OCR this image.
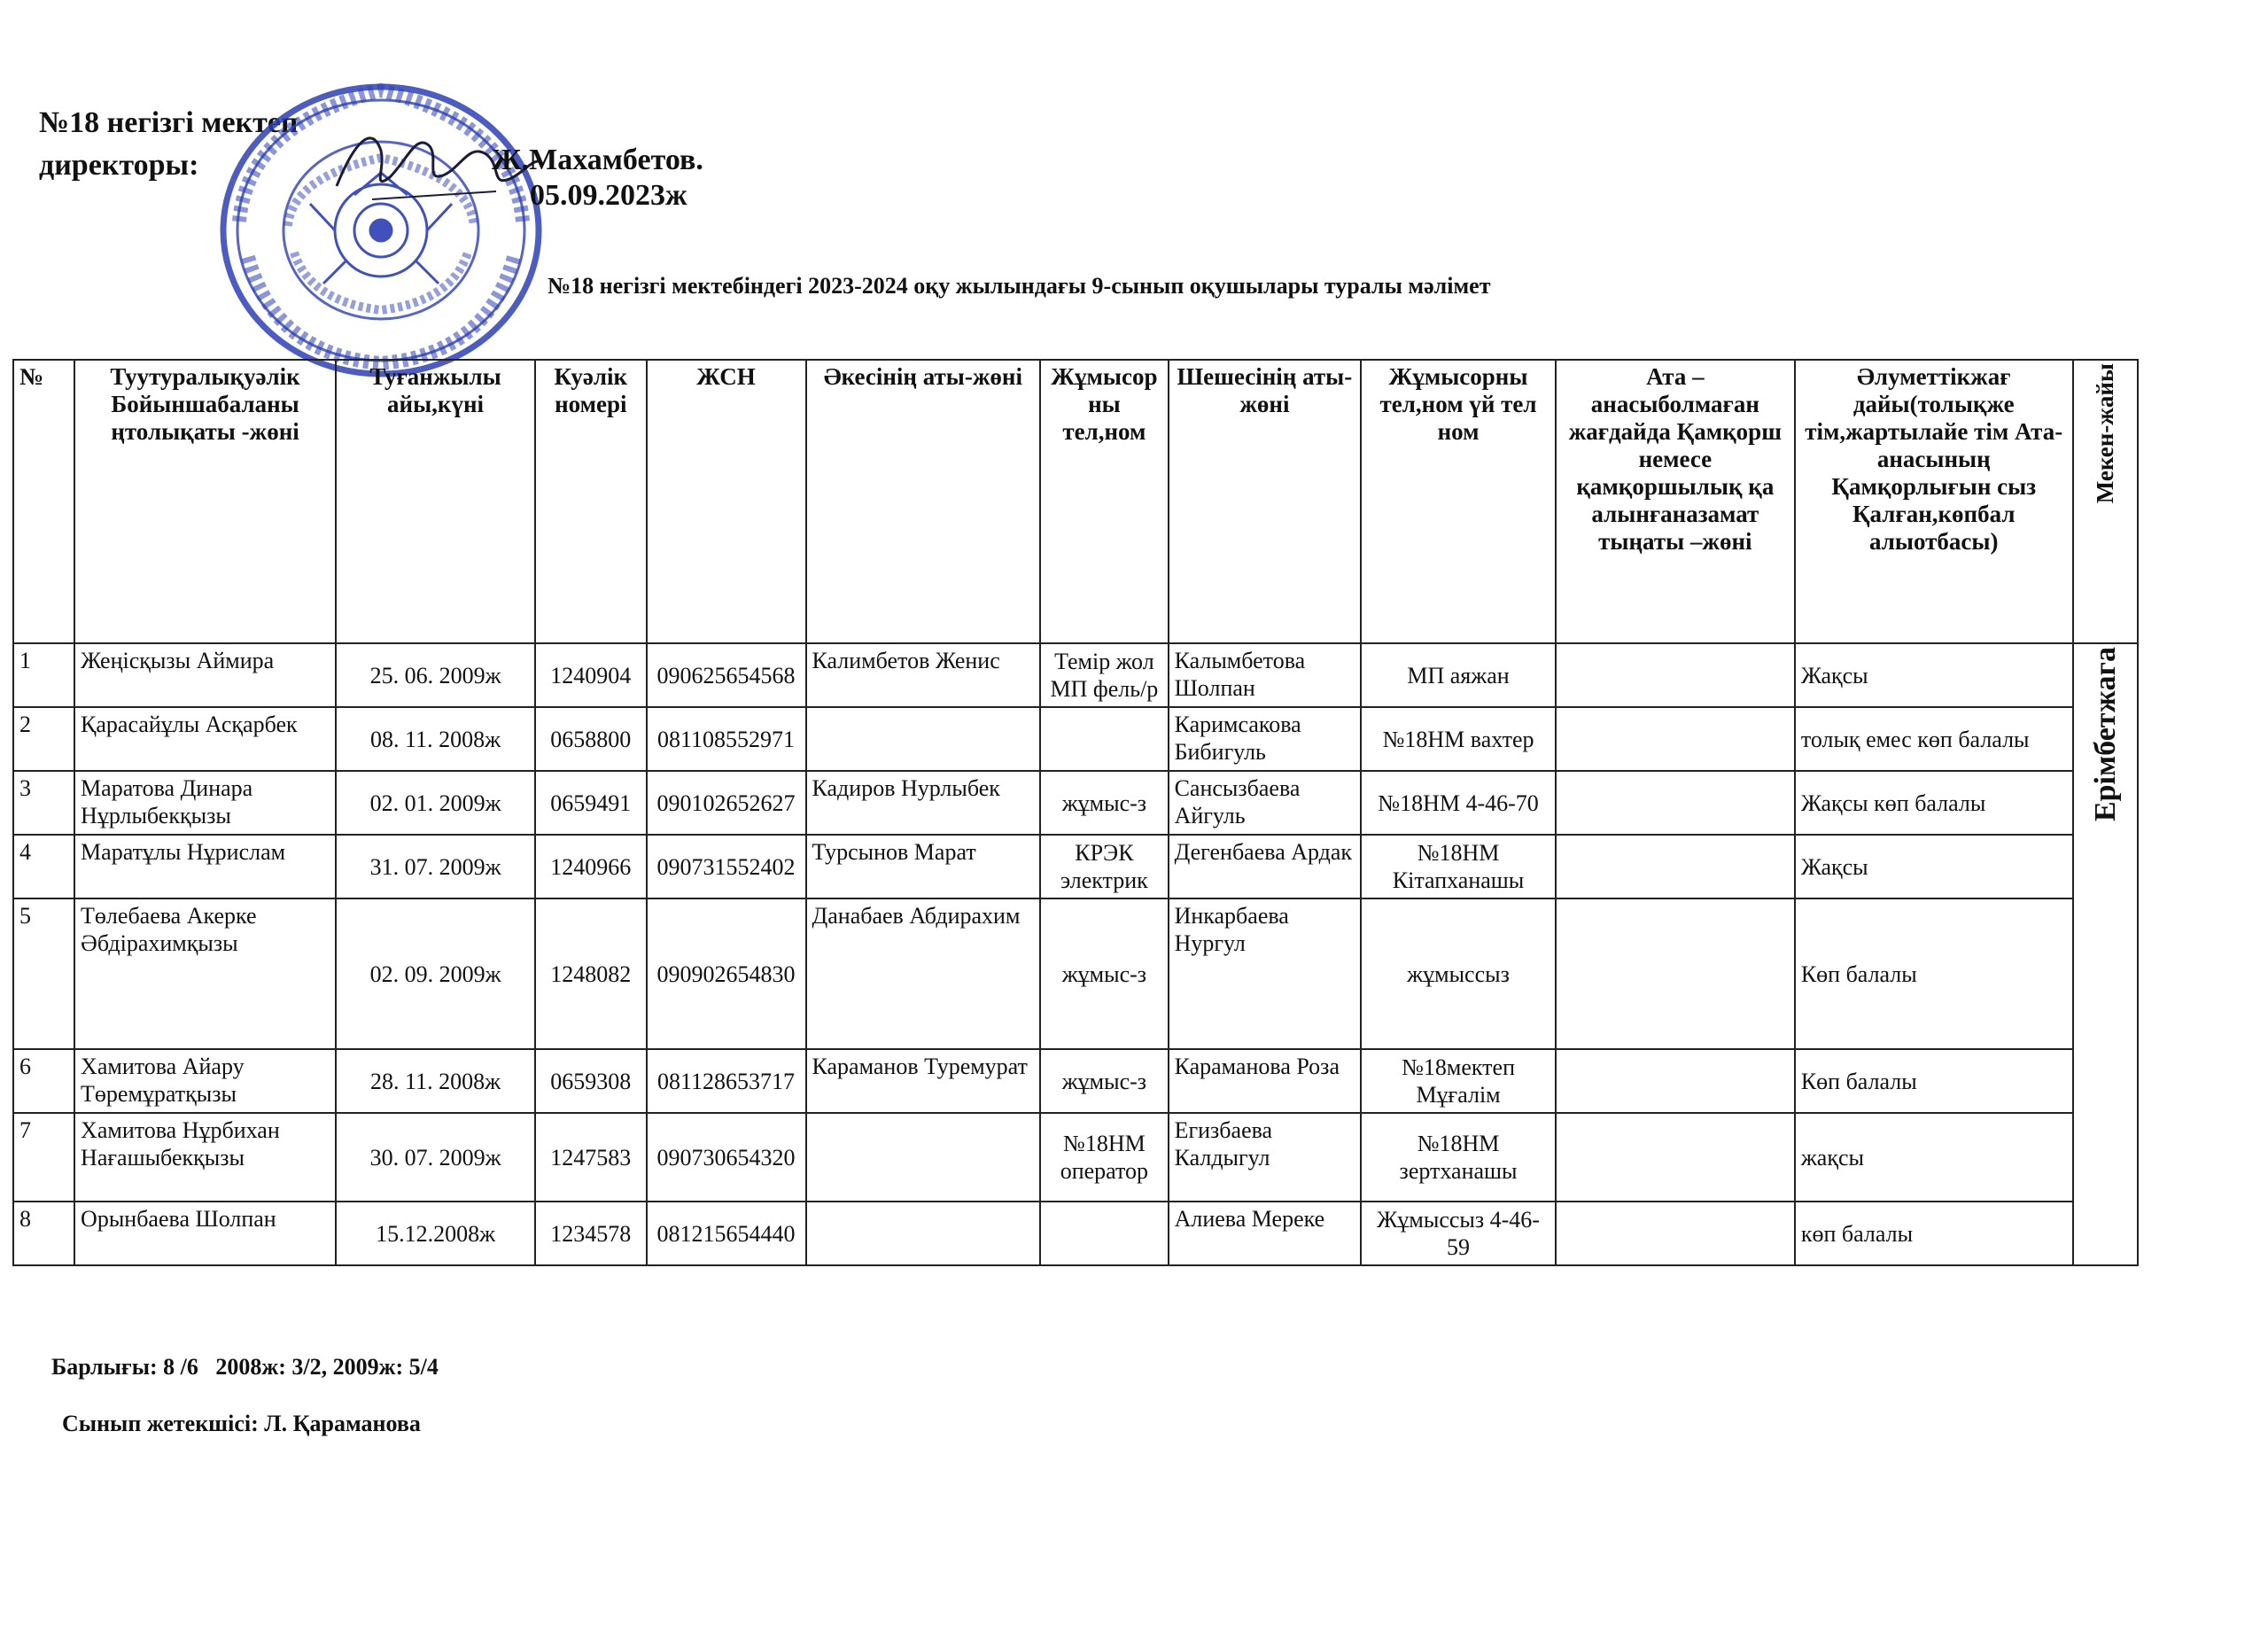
№18 негізгі мектеп
директоры:	Ж.Махамбетов.
05.09.2023ж
№18 негізгі мектебіндегі 2023-2024 оқу жылындағы 9-сынып оқушылары туралы мәлімет
№	Туутуралықуәлік Бойыншабаланы ңтолықаты -жөні	Туғанжылы айы,күні	Куәлік номері	ЖСН	Әкесінің аты-жөні	Жұмысор ны тел,ном	Шешесінің аты-жөні	Жұмысорны тел,ном үй тел ном	Ата – анасыболмаған жағдайда Қамқорш немесе қамқоршылық қа алынғаназамат тыңаты –жөні	Әлуметтікжағ дайы(толықже тім,жартылайе тім Ата-анасының Қамқорлығын сыз Қалған,көпбал алыотбасы)	Мекен-жайы

1	Жеңісқызы Аймира	25. 06. 2009ж	1240904	090625654568	Калимбетов Женис	Темір жол МП фель/р	Калымбетова Шолпан	МП аяжан		Жақсы	Ерімбетжага

2	Қарасайұлы Асқарбек	08. 11. 2008ж	0658800	081108552971			Каримсакова Бибигуль	№18НМ вахтер		толық емес көп балалы	
3	Маратова Динара Нұрлыбекқызы	02. 01. 2009ж	0659491	090102652627	Кадиров Нурлыбек	жұмыс-з	Сансызбаева Айгуль	№18НМ 4-46-70		Жақсы көп балалы	
4	Маратұлы Нұрислам	31. 07. 2009ж	1240966	090731552402	Турсынов Марат	КРЭК электрик	Дегенбаева Ардак	№18НМ Кітапханашы		Жақсы	
5	Төлебаева Акерке Әбдірахимқызы	02. 09. 2009ж	1248082	090902654830	Данабаев Абдирахим	жұмыс-з	Инкарбаева Нургул	жұмыссыз		Көп балалы	
6	Хамитова Айару Төремұратқызы	28. 11. 2008ж	0659308	081128653717	Караманов Туремурат	жұмыс-з	Караманова Роза	№18мектеп Мұғалім		Көп балалы	
7	Хамитова Нұрбихан Нағашыбекқызы	30. 07. 2009ж	1247583	090730654320		№18НМ оператор	Егизбаева Калдыгул	№18НМ зертханашы		жақсы	
8	Орынбаева Шолпан	15.12.2008ж	1234578	081215654440			Алиева Мереке	Жұмыссыз 4-46-59		көп балалы	
Барлығы: 8 /6   2008ж: 3/2, 2009ж: 5/4
Сынып жетекшісі: Л. Қараманова
